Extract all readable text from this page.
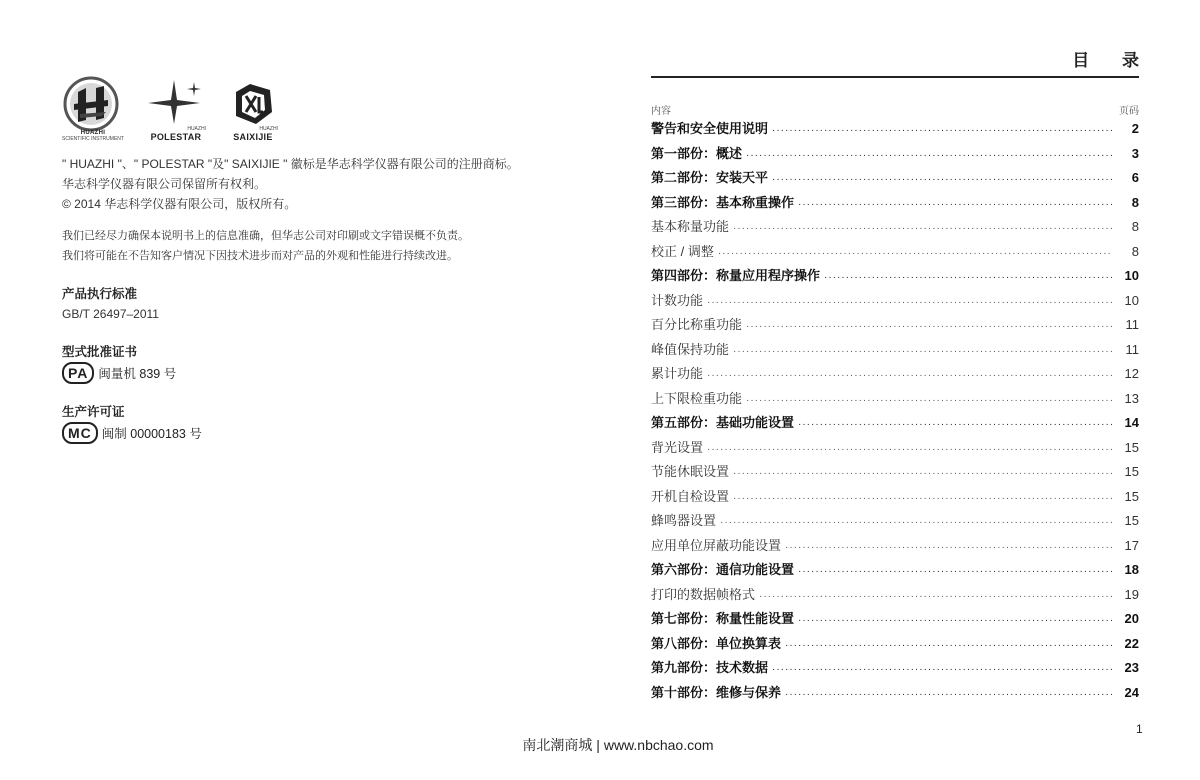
HUAZHI
SCIENTIFIC INSTRUMENT
HUAZHI
POLESTAR
HUAZHI
SAIXIJIE
" HUAZHI "、" POLESTAR "及" SAIXIJIE " 徽标是华志科学仪器有限公司的注册商标。
华志科学仪器有限公司保留所有权利。
© 2014 华志科学仪器有限公司，版权所有。
我们已经尽力确保本说明书上的信息准确，但华志公司对印刷或文字错误概不负责。
我们将可能在不告知客户情况下因技术进步而对产品的外观和性能进行持续改进。
产品执行标准
GB/T 26497–2011
型式批准证书
PA 闽量机 839 号
生产许可证
MC 闽制 00000183 号
目 录
内容	页码
警告和安全使用说明 ·····	2
第一部份：概述 ·····	3
第二部份：安装天平 ·····	6
第三部份：基本称重操作 ·····	8
基本称量功能 ·····	8
校正 / 调整 ·····	8
第四部份：称量应用程序操作 ·····	10
计数功能 ·····	10
百分比称重功能 ·····	11
峰值保持功能 ·····	11
累计功能 ·····	12
上下限检重功能 ·····	13
第五部份：基础功能设置 ·····	14
背光设置 ·····	15
节能休眠设置 ·····	15
开机自检设置 ·····	15
蜂鸣器设置 ·····	15
应用单位屏蔽功能设置 ·····	17
第六部份：通信功能设置 ·····	18
打印的数据帧格式 ·····	19
第七部份：称量性能设置 ·····	20
第八部份：单位换算表 ·····	22
第九部份：技术数据 ·····	23
第十部份：维修与保养 ·····	24
1
南北潮商城 | www.nbchao.com
